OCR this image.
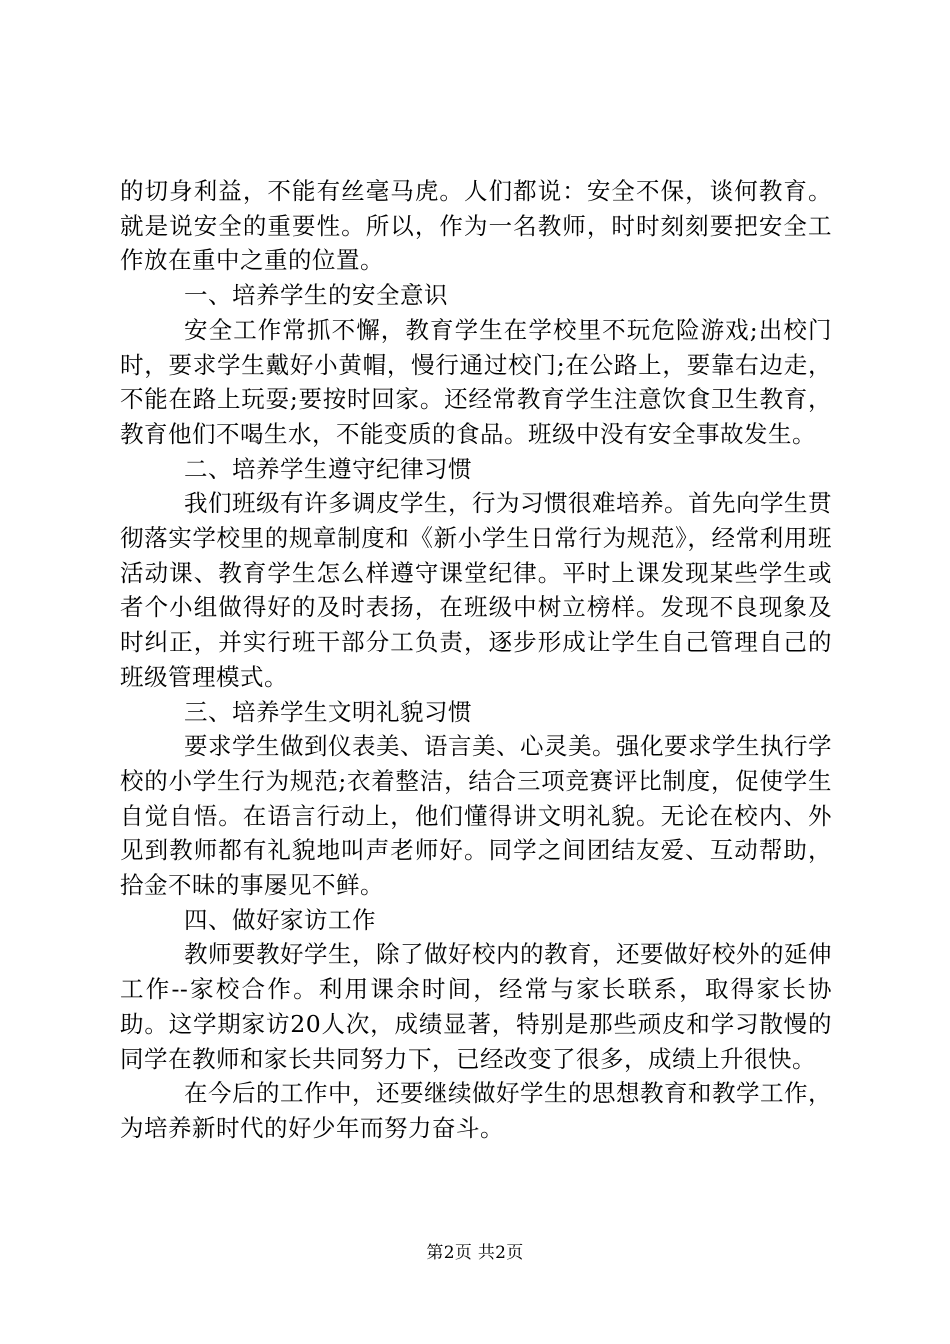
的切身利益，不能有丝毫马虎。人们都说：安全不保，谈何教育。就是说安全的重要性。所以，作为一名教师，时时刻刻要把安全工作放在重中之重的位置。

一、培养学生的安全意识

安全工作常抓不懈，教育学生在学校里不玩危险游戏;出校门时，要求学生戴好小黄帽，慢行通过校门;在公路上，要靠右边走，不能在路上玩耍;要按时回家。还经常教育学生注意饮食卫生教育，教育他们不喝生水，不能变质的食品。班级中没有安全事故发生。

二、培养学生遵守纪律习惯

我们班级有许多调皮学生，行为习惯很难培养。首先向学生贯彻落实学校里的规章制度和《新小学生日常行为规范》，经常利用班活动课、教育学生怎么样遵守课堂纪律。平时上课发现某些学生或者个小组做得好的及时表扬，在班级中树立榜样。发现不良现象及时纠正，并实行班干部分工负责，逐步形成让学生自己管理自己的班级管理模式。

三、培养学生文明礼貌习惯

要求学生做到仪表美、语言美、心灵美。强化要求学生执行学校的小学生行为规范;衣着整洁，结合三项竞赛评比制度，促使学生自觉自悟。在语言行动上，他们懂得讲文明礼貌。无论在校内、外见到教师都有礼貌地叫声老师好。同学之间团结友爱、互动帮助，拾金不昧的事屡见不鲜。

四、做好家访工作

教师要教好学生，除了做好校内的教育，还要做好校外的延伸工作--家校合作。利用课余时间，经常与家长联系，取得家长协助。这学期家访20人次，成绩显著，特别是那些顽皮和学习散慢的同学在教师和家长共同努力下，已经改变了很多，成绩上升很快。

在今后的工作中，还要继续做好学生的思想教育和教学工作，为培养新时代的好少年而努力奋斗。

第2页 共2页
